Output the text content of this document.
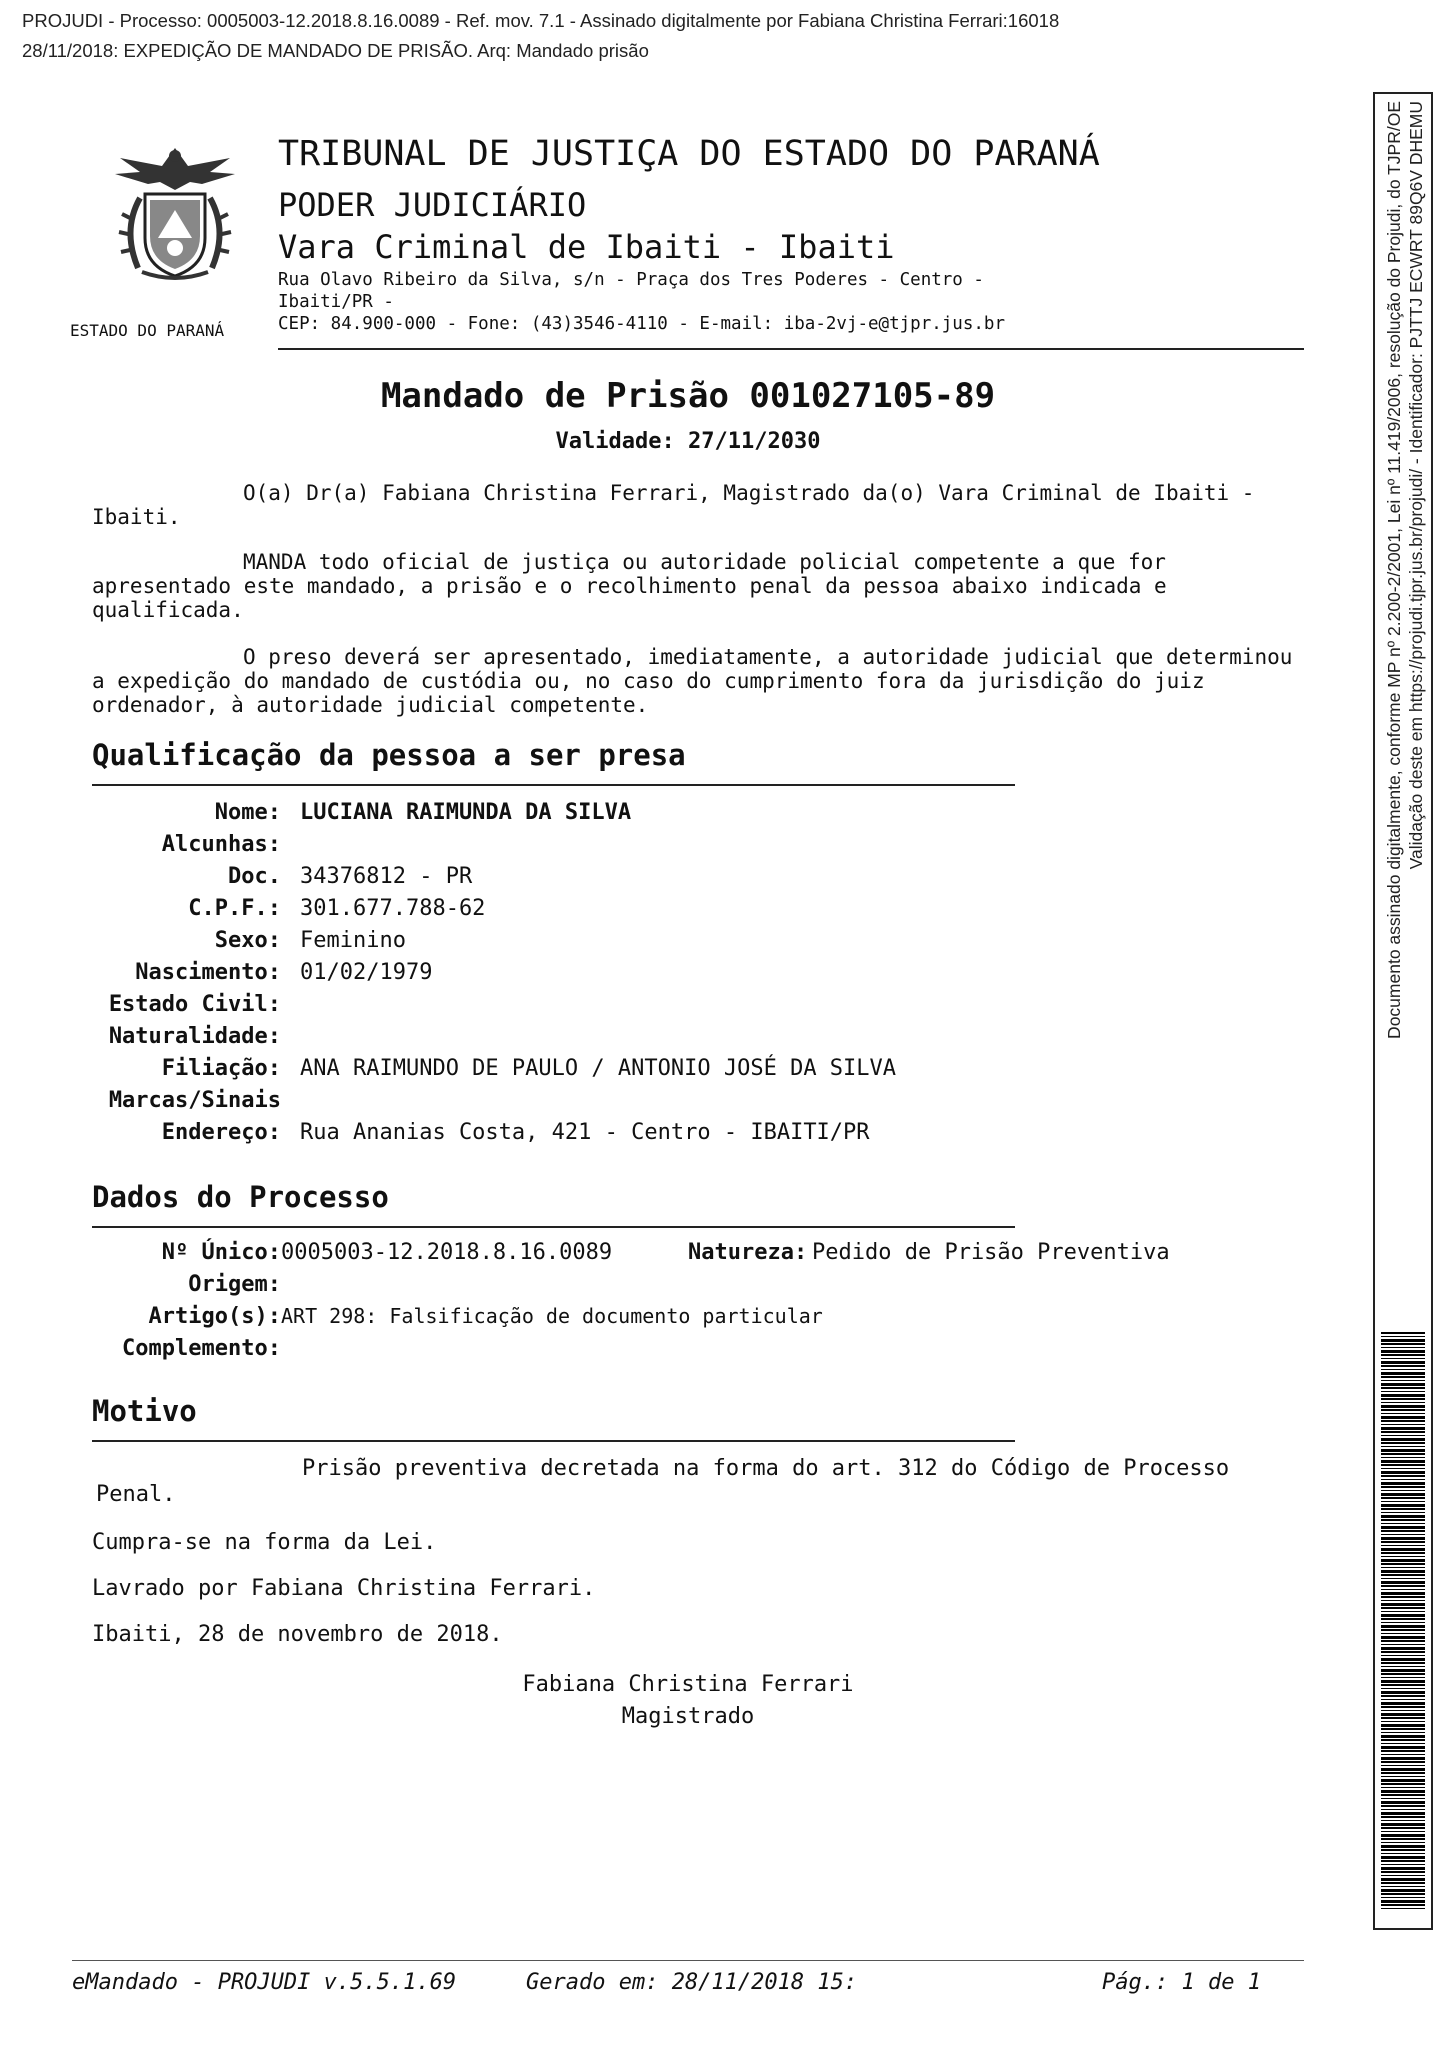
PROJUDI - Processo: 0005003-12.2018.8.16.0089 - Ref. mov. 7.1 - Assinado digitalmente por Fabiana Christina Ferrari:16018
28/11/2018: EXPEDIÇÃO DE MANDADO DE PRISÃO. Arq: Mandado prisão
ESTADO DO PARANÁ
TRIBUNAL DE JUSTIÇA DO ESTADO DO PARANÁ
PODER JUDICIÁRIO
Vara Criminal de Ibaiti - Ibaiti
Rua Olavo Ribeiro da Silva, s/n - Praça dos Tres Poderes - Centro -
Ibaiti/PR -
CEP: 84.900-000 - Fone: (43)3546-4110 - E-mail: iba-2vj-e@tjpr.jus.br
Mandado de Prisão 001027105-89
Validade: 27/11/2030
O(a) Dr(a) Fabiana Christina Ferrari, Magistrado da(o) Vara Criminal de Ibaiti -
Ibaiti.
MANDA todo oficial de justiça ou autoridade policial competente a que for
apresentado este mandado, a prisão e o recolhimento penal da pessoa abaixo indicada e
qualificada.
O preso deverá ser apresentado, imediatamente, a autoridade judicial que determinou
a expedição do mandado de custódia ou, no caso do cumprimento fora da jurisdição do juiz
ordenador, à autoridade judicial competente.
Qualificação da pessoa a ser presa
Nome: LUCIANA RAIMUNDA DA SILVA
Alcunhas:
Doc. 34376812 - PR
C.P.F.: 301.677.788-62
Sexo: Feminino
Nascimento: 01/02/1979
Estado Civil:
Naturalidade:
Filiação: ANA RAIMUNDO DE PAULO / ANTONIO JOSÉ DA SILVA
Marcas/Sinais
Endereço: Rua Ananias Costa, 421 - Centro - IBAITI/PR
Dados do Processo
Nº Único: 0005003-12.2018.8.16.0089	Natureza: Pedido de Prisão Preventiva
Origem:
Artigo(s): ART 298: Falsificação de documento particular
Complemento:
Motivo
Prisão preventiva decretada na forma do art. 312 do Código de Processo
Penal.
Cumpra-se na forma da Lei.
Lavrado por Fabiana Christina Ferrari.
Ibaiti, 28 de novembro de 2018.
Fabiana Christina Ferrari
Magistrado
eMandado - PROJUDI v.5.5.1.69	Gerado em: 28/11/2018 15:	Pág.: 1 de 1
Documento assinado digitalmente, conforme MP nº 2.200-2/2001, Lei nº 11.419/2006, resolução do Projudi, do TJPR/OE Validação deste em https://projudi.tjpr.jus.br/projudi/ - Identificador: PJTTJ ECWRT 89Q6V DHEMU
